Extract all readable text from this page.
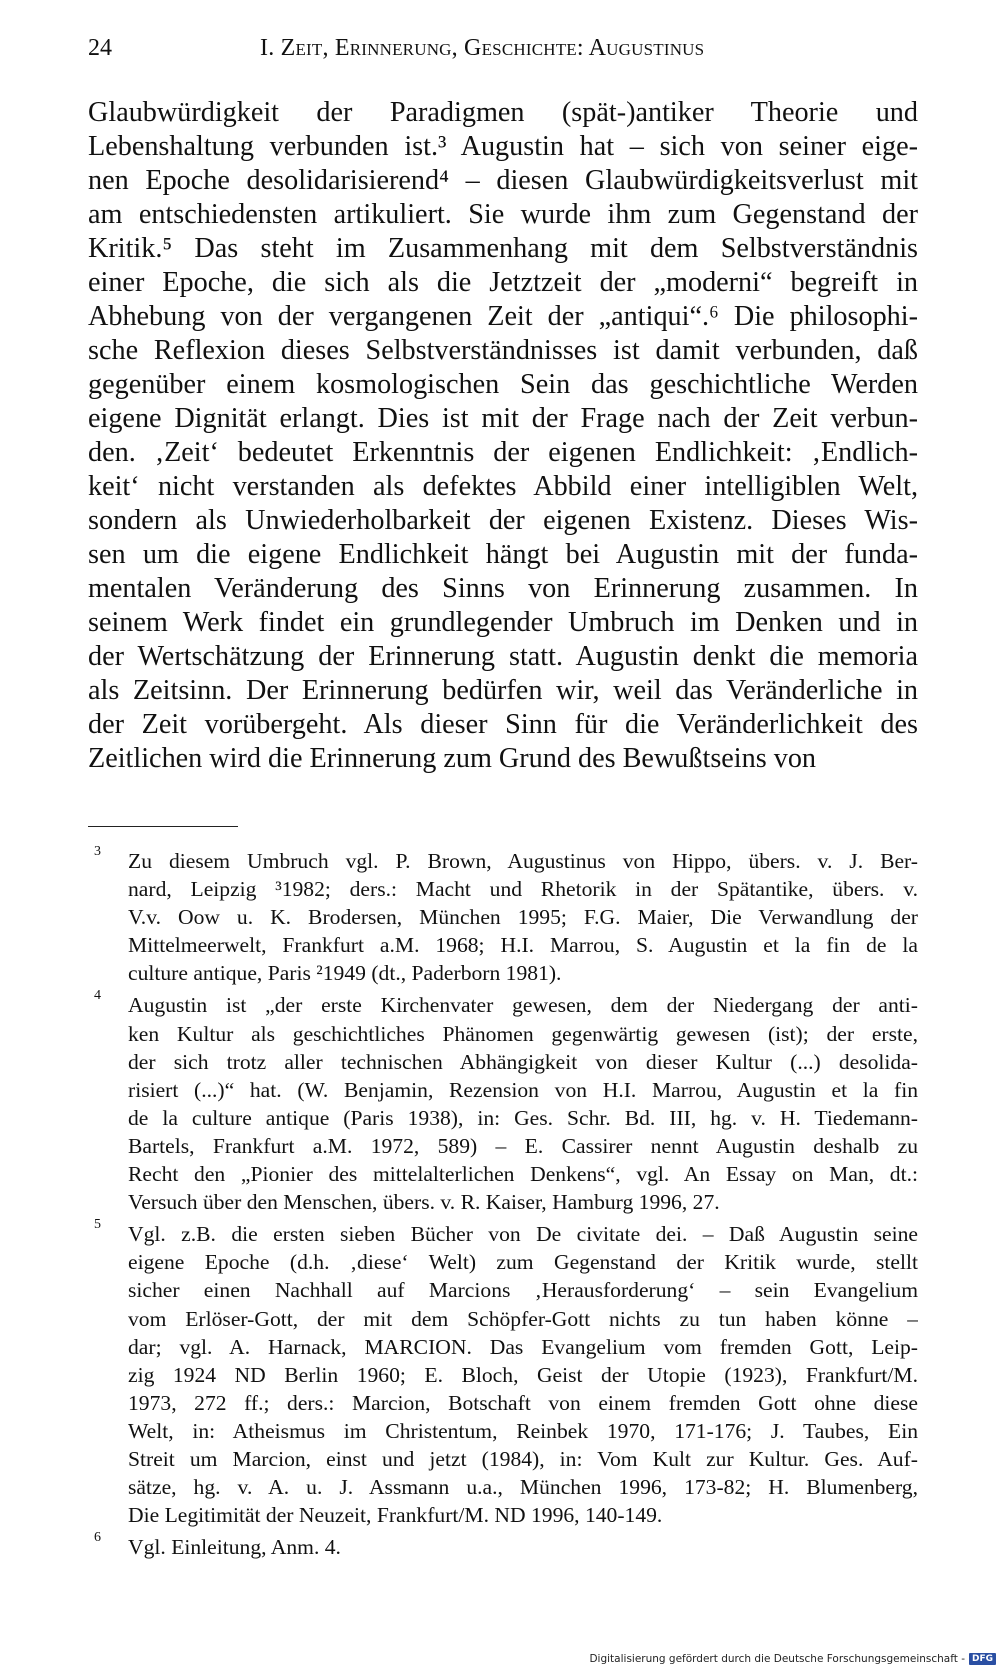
24	I. Zeit, Erinnerung, Geschichte: Augustinus
Glaubwürdigkeit der Paradigmen (spät-)antiker Theorie und
Lebenshaltung verbunden ist.³ Augustin hat – sich von seiner eige-
nen Epoche desolidarisierend⁴ – diesen Glaubwürdigkeitsverlust mit
am entschiedensten artikuliert. Sie wurde ihm zum Gegenstand der
Kritik.⁵ Das steht im Zusammenhang mit dem Selbstverständnis
einer Epoche, die sich als die Jetztzeit der „moderni“ begreift in
Abhebung von der vergangenen Zeit der „antiqui“.⁶ Die philosophi-
sche Reflexion dieses Selbstverständnisses ist damit verbunden, daß
gegenüber einem kosmologischen Sein das geschichtliche Werden
eigene Dignität erlangt. Dies ist mit der Frage nach der Zeit verbun-
den. ‚Zeit‘ bedeutet Erkenntnis der eigenen Endlichkeit: ‚Endlich-
keit‘ nicht verstanden als defektes Abbild einer intelligiblen Welt,
sondern als Unwiederholbarkeit der eigenen Existenz. Dieses Wis-
sen um die eigene Endlichkeit hängt bei Augustin mit der funda-
mentalen Veränderung des Sinns von Erinnerung zusammen. In
seinem Werk findet ein grundlegender Umbruch im Denken und in
der Wertschätzung der Erinnerung statt. Augustin denkt die memoria
als Zeitsinn. Der Erinnerung bedürfen wir, weil das Veränderliche in
der Zeit vorübergeht. Als dieser Sinn für die Veränderlichkeit des
Zeitlichen wird die Erinnerung zum Grund des Bewußtseins von
3 Zu diesem Umbruch vgl. P. Brown, Augustinus von Hippo, übers. v. J. Ber-
nard, Leipzig ³1982; ders.: Macht und Rhetorik in der Spätantike, übers. v.
V.v. Oow u. K. Brodersen, München 1995; F.G. Maier, Die Verwandlung der
Mittelmeerwelt, Frankfurt a.M. 1968; H.I. Marrou, S. Augustin et la fin de la
culture antique, Paris ²1949 (dt., Paderborn 1981).
4 Augustin ist „der erste Kirchenvater gewesen, dem der Niedergang der anti-
ken Kultur als geschichtliches Phänomen gegenwärtig gewesen (ist); der erste,
der sich trotz aller technischen Abhängigkeit von dieser Kultur (...) desolida-
risiert (...)“ hat. (W. Benjamin, Rezension von H.I. Marrou, Augustin et la fin
de la culture antique (Paris 1938), in: Ges. Schr. Bd. III, hg. v. H. Tiedemann-
Bartels, Frankfurt a.M. 1972, 589) – E. Cassirer nennt Augustin deshalb zu
Recht den „Pionier des mittelalterlichen Denkens“, vgl. An Essay on Man, dt.:
Versuch über den Menschen, übers. v. R. Kaiser, Hamburg 1996, 27.
5 Vgl. z.B. die ersten sieben Bücher von De civitate dei. – Daß Augustin seine
eigene Epoche (d.h. ‚diese‘ Welt) zum Gegenstand der Kritik wurde, stellt
sicher einen Nachhall auf Marcions ‚Herausforderung‘ – sein Evangelium
vom Erlöser-Gott, der mit dem Schöpfer-Gott nichts zu tun haben könne –
dar; vgl. A. Harnack, MARCION. Das Evangelium vom fremden Gott, Leip-
zig 1924 ND Berlin 1960; E. Bloch, Geist der Utopie (1923), Frankfurt/M.
1973, 272 ff.; ders.: Marcion, Botschaft von einem fremden Gott ohne diese
Welt, in: Atheismus im Christentum, Reinbek 1970, 171-176; J. Taubes, Ein
Streit um Marcion, einst und jetzt (1984), in: Vom Kult zur Kultur. Ges. Auf-
sätze, hg. v. A. u. J. Assmann u.a., München 1996, 173-82; H. Blumenberg,
Die Legitimität der Neuzeit, Frankfurt/M. ND 1996, 140-149.
6 Vgl. Einleitung, Anm. 4.
Digitalisierung gefördert durch die Deutsche Forschungsgemeinschaft - DFG
